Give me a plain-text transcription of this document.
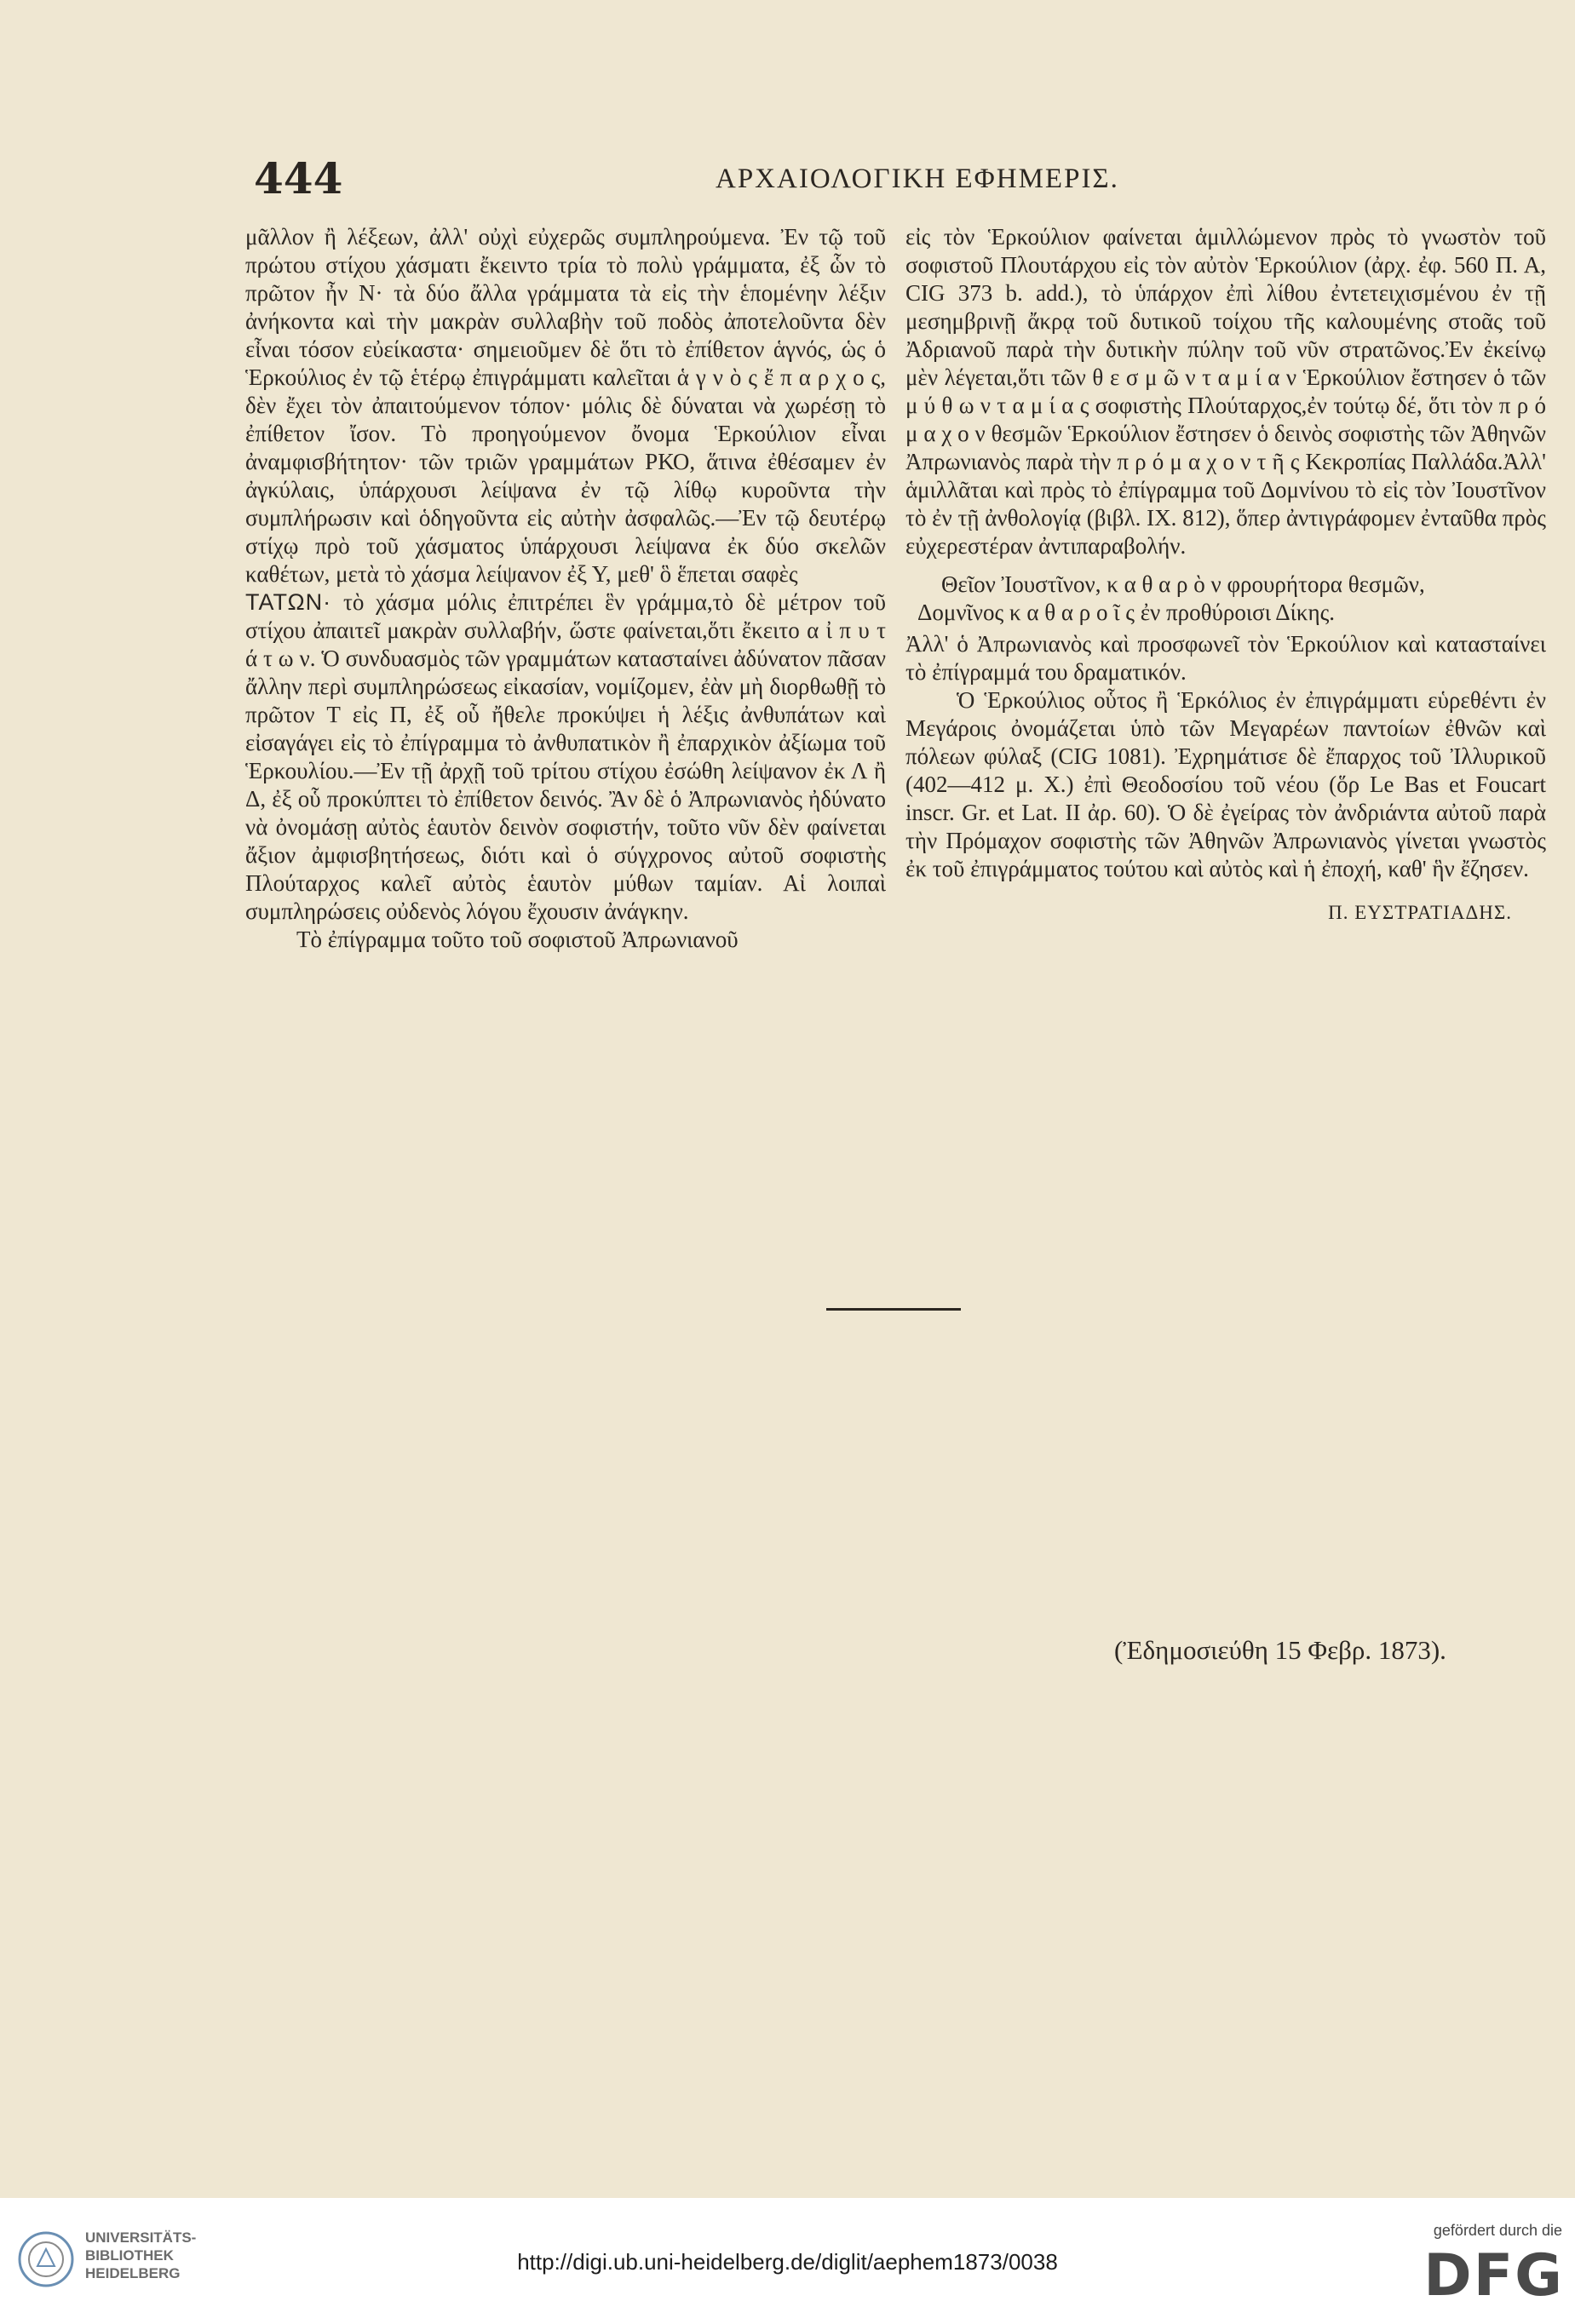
444	ΑΡΧΑΙΟΛΟΓΙΚΗ ΕΦΗΜΕΡΙΣ.

μᾶλλον ἢ λέξεων, ἀλλ' οὐχὶ εὐχερῶς συμπληρούμενα. Ἐν τῷ τοῦ πρώτου στίχου χάσματι ἔκειντο τρία τὸ πολὺ γράμματα, ἐξ ὧν τὸ πρῶτον ἦν Ν· τὰ δύο ἄλλα γράμματα τὰ εἰς τὴν ἑπομένην λέξιν ἀνήκοντα καὶ τὴν μακρὰν συλλαβὴν τοῦ ποδὸς ἀποτελοῦντα δὲν εἶναι τόσον εὐείκαστα· σημειοῦμεν δὲ ὅτι τὸ ἐπίθετον ἁγνός, ὡς ὁ Ἑρκούλιος ἐν τῷ ἑτέρῳ ἐπιγράμματι καλεῖται ἁ γ ν ὸ ς ἔ π α ρ χ ο ς, δὲν ἔχει τὸν ἀπαιτούμενον τόπον· μόλις δὲ δύναται νὰ χωρέσῃ τὸ ἐπίθετον ἴσον. Τὸ προηγούμενον ὄνομα Ἑρκούλιον εἶναι ἀναμφισβήτητον· τῶν τριῶν γραμμάτων ΡΚΟ, ἅτινα ἐθέσαμεν ἐν ἀγκύλαις, ὑπάρχουσι λείψανα ἐν τῷ λίθῳ κυροῦντα τὴν συμπλήρωσιν καὶ ὁδηγοῦντα εἰς αὐτὴν ἀσφαλῶς.—Ἐν τῷ δευτέρῳ στίχῳ πρὸ τοῦ χάσματος ὑπάρχουσι λείψανα ἐκ δύο σκελῶν καθέτων, μετὰ τὸ χάσμα λείψανον ἐξ Υ, μεθ' ὃ ἕπεται σαφὲς

ΤΑΤΩΝ· τὸ χάσμα μόλις ἐπιτρέπει ἓν γράμμα,τὸ δὲ μέτρον τοῦ στίχου ἀπαιτεῖ μακρὰν συλλαβήν, ὥστε φαίνεται,ὅτι ἔκειτο α ἰ π υ τ ά τ ω ν. Ὁ συνδυασμὸς τῶν γραμμάτων κατασταίνει ἀδύνατον πᾶσαν ἄλλην περὶ συμπληρώσεως εἰκασίαν, νομίζομεν, ἐὰν μὴ διορθωθῇ τὸ πρῶτον Τ εἰς Π, ἐξ οὗ ἤθελε προκύψει ἡ λέξις ἀνθυπάτων καὶ εἰσαγάγει εἰς τὸ ἐπίγραμμα τὸ ἀνθυπατικὸν ἢ ἐπαρχικὸν ἀξίωμα τοῦ Ἑρκουλίου.—Ἐν τῇ ἀρχῇ τοῦ τρίτου στίχου ἐσώθη λείψανον ἐκ Λ ἢ Δ, ἐξ οὗ προκύπτει τὸ ἐπίθετον δεινός. Ἂν δὲ ὁ Ἀπρωνιανὸς ἠδύνατο νὰ ὀνομάσῃ αὐτὸς ἑαυτὸν δεινὸν σοφιστήν, τοῦτο νῦν δὲν φαίνεται ἄξιον ἀμφισβητήσεως, διότι καὶ ὁ σύγχρονος αὐτοῦ σοφιστὴς Πλούταρχος καλεῖ αὐτὸς ἑαυτὸν μύθων ταμίαν. Αἱ λοιπαὶ συμπληρώσεις οὐδενὸς λόγου ἔχουσιν ἀνάγκην.

Τὸ ἐπίγραμμα τοῦτο τοῦ σοφιστοῦ Ἀπρωνιανοῦ

εἰς τὸν Ἑρκούλιον φαίνεται ἁμιλλώμενον πρὸς τὸ γνωστὸν τοῦ σοφιστοῦ Πλουτάρχου εἰς τὸν αὐτὸν Ἑρκούλιον (ἀρχ. ἐφ. 560 Π. Α, CIG 373 b. add.), τὸ ὑπάρχον ἐπὶ λίθου ἐντετειχισμένου ἐν τῇ μεσημβρινῇ ἄκρᾳ τοῦ δυτικοῦ τοίχου τῆς καλουμένης στοᾶς τοῦ Ἀδριανοῦ παρὰ τὴν δυτικὴν πύλην τοῦ νῦν στρατῶνος.Ἐν ἐκείνῳ μὲν λέγεται,ὅτι τῶν θ ε σ μ ῶ ν τ α μ ί α ν Ἑρκούλιον ἔστησεν ὁ τῶν μ ύ θ ω ν τ α μ ί α ς σοφιστὴς Πλούταρχος,ἐν τούτῳ δέ, ὅτι τὸν π ρ ό μ α χ ο ν θεσμῶν Ἑρκούλιον ἔστησεν ὁ δεινὸς σοφιστὴς τῶν Ἀθηνῶν Ἀπρωνιανὸς παρὰ τὴν π ρ ό μ α χ ο ν τ ῆ ς Κεκροπίας Παλλάδα.Ἀλλ' ἁμιλλᾶται καὶ πρὸς τὸ ἐπίγραμμα τοῦ Δομνίνου τὸ εἰς τὸν Ἰουστῖνον τὸ ἐν τῇ ἀνθολογίᾳ (βιβλ. IX. 812), ὅπερ ἀντιγράφομεν ἐνταῦθα πρὸς εὐχερεστέραν ἀντιπαραβολήν.

Θεῖον Ἰουστῖνον, κ α θ α ρ ὸ ν φρουρήτορα θεσμῶν,

Δομνῖνος κ α θ α ρ ο ῖ ς ἐν προθύροισι Δίκης.

Ἀλλ' ὁ Ἀπρωνιανὸς καὶ προσφωνεῖ τὸν Ἑρκούλιον καὶ κατασταίνει τὸ ἐπίγραμμά του δραματικόν.

Ὁ Ἑρκούλιος οὗτος ἢ Ἑρκόλιος ἐν ἐπιγράμματι εὑρεθέντι ἐν Μεγάροις ὀνομάζεται ὑπὸ τῶν Μεγαρέων παντοίων ἐθνῶν καὶ πόλεων φύλαξ (CIG 1081). Ἐχρημάτισε δὲ ἔπαρχος τοῦ Ἰλλυρικοῦ (402—412 μ. Χ.) ἐπὶ Θεοδοσίου τοῦ νέου (ὅρ Le Bas et Foucart inscr. Gr. et Lat. II ἀρ. 60). Ὁ δὲ ἐγείρας τὸν ἀνδριάντα αὐτοῦ παρὰ τὴν Πρόμαχον σοφιστὴς τῶν Ἀθηνῶν Ἀπρωνιανὸς γίνεται γνωστὸς ἐκ τοῦ ἐπιγράμματος τούτου καὶ αὐτὸς καὶ ἡ ἐποχή, καθ' ἣν ἔζησεν.

Π. ΕΥΣΤΡΑΤΙΑΔΗΣ.
(Ἐδημοσιεύθη 15 Φεβρ. 1873).
UNIVERSITÄTS-
BIBLIOTHEK
HEIDELBERG	http://digi.ub.uni-heidelberg.de/diglit/aephem1873/0038
gefördert durch die
DFG
